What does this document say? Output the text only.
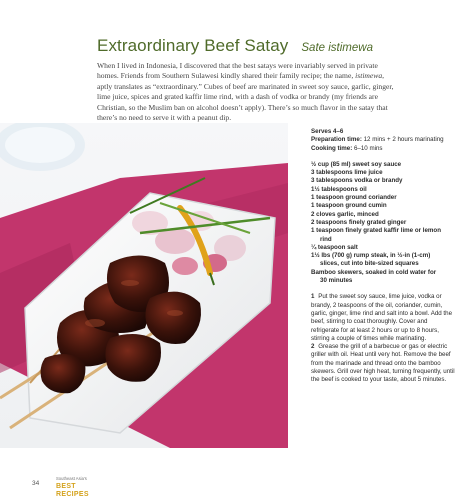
Extraordinary Beef Satay Sate istimewa
When I lived in Indonesia, I discovered that the best satays were invariably served in private homes. Friends from Southern Sulawesi kindly shared their family recipe; the name, istimewa, aptly translates as “extraordinary.” Cubes of beef are marinated in sweet soy sauce, garlic, ginger, lime juice, spices and grated kaffir lime rind, with a dash of vodka or brandy (my friends are Christian, so the Muslim ban on alcohol doesn’t apply). There’s so much flavor in the satay that there’s no need to serve it with a peanut dip.
Serves 4–6
Preparation time: 12 mins + 2 hours marinating
Cooking time: 6–10 mins

½ cup (85 ml) sweet soy sauce

3 tablespoons lime juice

3 tablespoons vodka or brandy

1½ tablespoons oil

1 teaspoon ground coriander

1 teaspoon ground cumin

2 cloves garlic, minced

2 teaspoons finely grated ginger

1 teaspoon finely grated kaffir lime or lemon

rind

¼ teaspoon salt

1½ lbs (700 g) rump steak, in ½-in (1-cm)

slices, cut into bite-sized squares

Bamboo skewers, soaked in cold water for

30 minutes

1 Put the sweet soy sauce, lime juice, vodka or brandy, 2 teaspoons of the oil, coriander, cumin, garlic, ginger, lime rind and salt into a bowl. Add the beef, stirring to coat thoroughly. Cover and refrigerate for at least 2 hours or up to 8 hours, stirring a couple of times while marinating.

2 Grease the grill of a barbecue or gas or electric griller with oil. Heat until very hot. Remove the beef from the marinade and thread onto the bamboo skewers. Grill over high heat, turning frequently, until the beef is cooked to your taste, about 5 minutes.

34
Southeast Asia's
BEST RECIPES
